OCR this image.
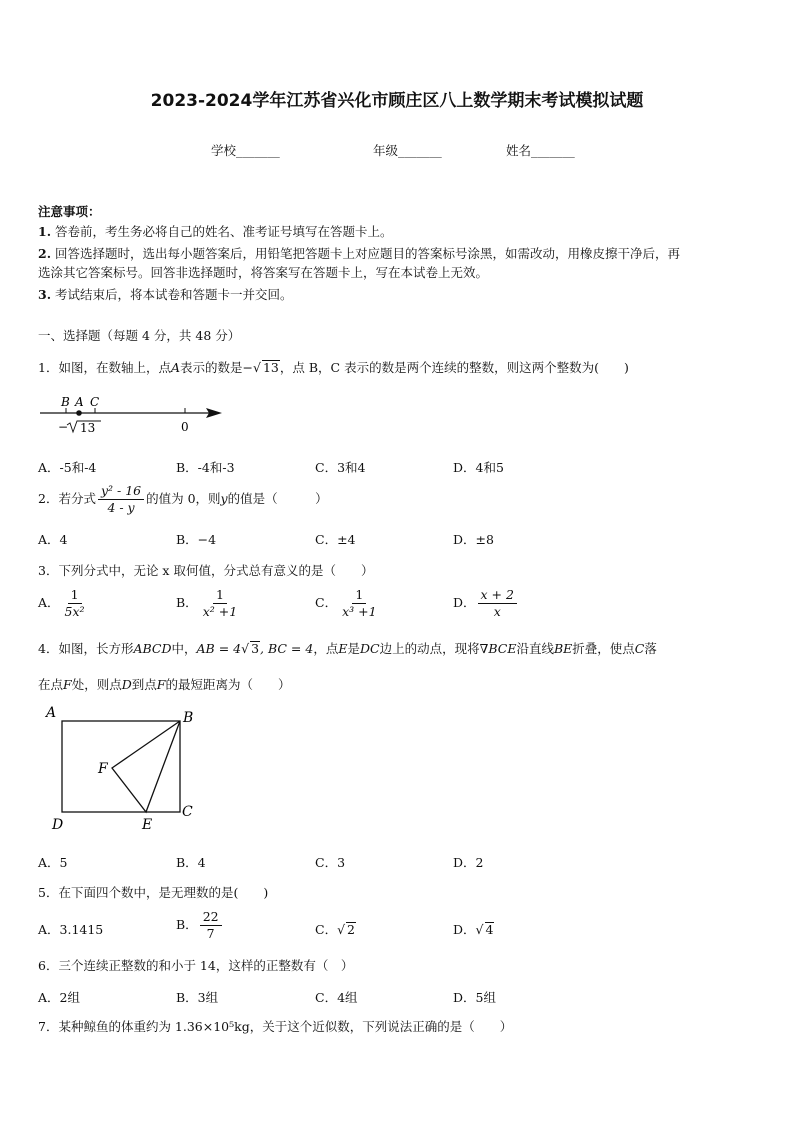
2023-2024学年江苏省兴化市顾庄区八上数学期末考试模拟试题
学校_______	年级_______	姓名_______
注意事项：
1. 答卷前，考生务必将自己的姓名、准考证号填写在答题卡上。
2. 回答选择题时，选出每小题答案后，用铅笔把答题卡上对应题目的答案标号涂黑，如需改动，用橡皮擦干净后，再
选涂其它答案标号。回答非选择题时，将答案写在答题卡上，写在本试卷上无效。
3. 考试结束后，将本试卷和答题卡一并交回。
一、选择题（每题 4 分，共 48 分）
1．如图，在数轴上，点A表示的数是−√ 13，点 B，C 表示的数是两个连续的整数，则这两个整数为(　　)
B A C
− 13	0
A．-5和-4	B．-4和-3	C．3和4	D．4和5
2．若分式 $\frac{\text{y² - 16}}{4 - y}$ 的值为 0，则y的值是（　　　）
A．4	B．−4	C．±4	D．±8
3．下列分式中，无论 x 取何值，分式总有意义的是（　　）
A． $\frac{1}{\text{5x²}}$	B． $\frac{1}{\text{x² +1}}$	C． $\frac{1}{\text{x³ +1}}$	D． $\frac{x + 2}{x}$
4．如图，长方形ABCD中，AB = 4√ 3, BC = 4，点E是DC边上的动点，现将∇BCE沿直线BE折叠，使点C落
在点F处，则点D到点F的最短距离为（　　）
A	B
C
D	E
F
A．5	B．4	C．3	D．2
5．在下面四个数中，是无理数的是(　　)
A．3.1415	B． $\frac{22}{7}$	C．√ 2	D．√ 4
6．三个连续正整数的和小于 14，这样的正整数有（　）
A．2组	B．3组	C．4组	D．5组
7．某种鲸鱼的体重约为 1.36×10⁵kg，关于这个近似数，下列说法正确的是（　　）
